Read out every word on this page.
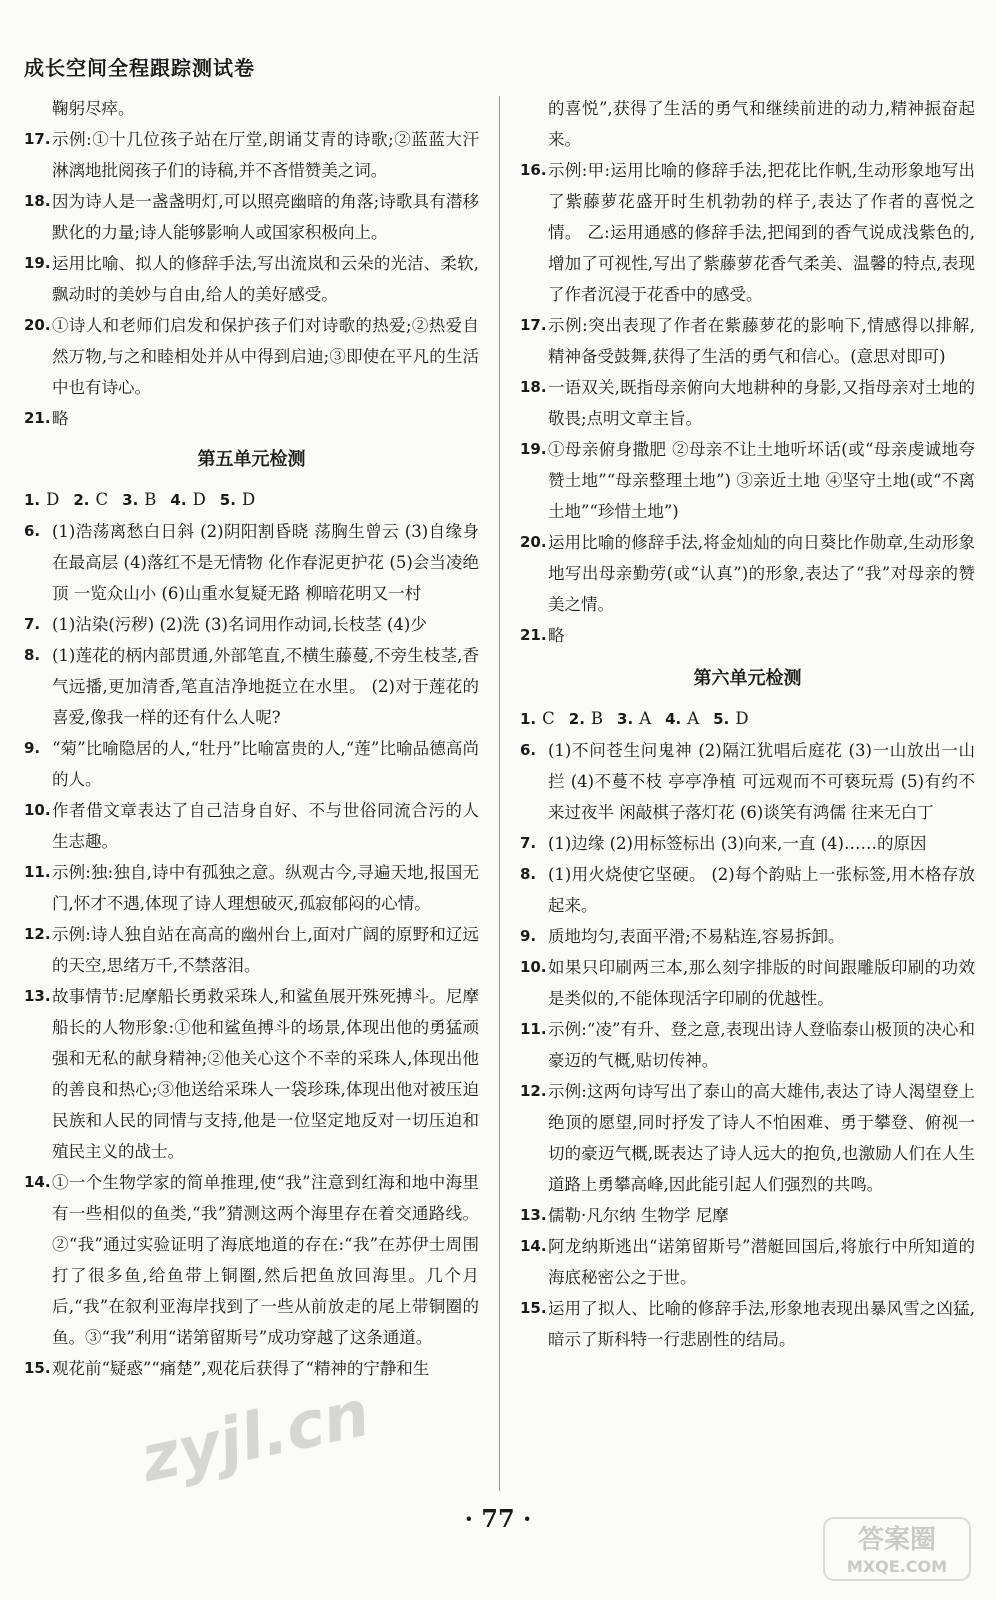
成长空间全程跟踪测试卷
鞠躬尽瘁。
17. 示例:①十几位孩子站在厅堂,朗诵艾青的诗歌;②蓝蓝大汗淋漓地批阅孩子们的诗稿,并不吝惜赞美之词。
18. 因为诗人是一盏盏明灯,可以照亮幽暗的角落;诗歌具有潜移默化的力量;诗人能够影响人或国家积极向上。
19. 运用比喻、拟人的修辞手法,写出流岚和云朵的光洁、柔软,飘动时的美妙与自由,给人的美好感受。
20. ①诗人和老师们启发和保护孩子们对诗歌的热爱;②热爱自然万物,与之和睦相处并从中得到启迪;③即使在平凡的生活中也有诗心。
21. 略
第五单元检测
1. D 2. C 3. B 4. D 5. D
6. (1)浩荡离愁白日斜 (2)阴阳割昏晓 荡胸生曾云 (3)自缘身在最高层 (4)落红不是无情物 化作春泥更护花 (5)会当凌绝顶 一览众山小 (6)山重水复疑无路 柳暗花明又一村
7. (1)沾染(污秽) (2)洗 (3)名词用作动词,长枝茎 (4)少
8. (1)莲花的柄内部贯通,外部笔直,不横生藤蔓,不旁生枝茎,香气远播,更加清香,笔直洁净地挺立在水里。 (2)对于莲花的喜爱,像我一样的还有什么人呢?
9. “菊”比喻隐居的人,“牡丹”比喻富贵的人,“莲”比喻品德高尚的人。
10. 作者借文章表达了自己洁身自好、不与世俗同流合污的人生志趣。
11. 示例:独:独自,诗中有孤独之意。纵观古今,寻遍天地,报国无门,怀才不遇,体现了诗人理想破灭,孤寂郁闷的心情。
12. 示例:诗人独自站在高高的幽州台上,面对广阔的原野和辽远的天空,思绪万千,不禁落泪。
13. 故事情节:尼摩船长勇救采珠人,和鲨鱼展开殊死搏斗。尼摩船长的人物形象:①他和鲨鱼搏斗的场景,体现出他的勇猛顽强和无私的献身精神;②他关心这个不幸的采珠人,体现出他的善良和热心;③他送给采珠人一袋珍珠,体现出他对被压迫民族和人民的同情与支持,他是一位坚定地反对一切压迫和殖民主义的战士。
14. ①一个生物学家的简单推理,使“我”注意到红海和地中海里有一些相似的鱼类,“我”猜测这两个海里存在着交通路线。②“我”通过实验证明了海底地道的存在:“我”在苏伊士周围打了很多鱼,给鱼带上铜圈,然后把鱼放回海里。几个月后,“我”在叙利亚海岸找到了一些从前放走的尾上带铜圈的鱼。③“我”利用“诺第留斯号”成功穿越了这条通道。
15. 观花前“疑惑”“痛楚”,观花后获得了“精神的宁静和生
的喜悦”,获得了生活的勇气和继续前进的动力,精神振奋起来。
16. 示例:甲:运用比喻的修辞手法,把花比作帆,生动形象地写出了紫藤萝花盛开时生机勃勃的样子,表达了作者的喜悦之情。 乙:运用通感的修辞手法,把闻到的香气说成浅紫色的,增加了可视性,写出了紫藤萝花香气柔美、温馨的特点,表现了作者沉浸于花香中的感受。
17. 示例:突出表现了作者在紫藤萝花的影响下,情感得以排解,精神备受鼓舞,获得了生活的勇气和信心。(意思对即可)
18. 一语双关,既指母亲俯向大地耕种的身影,又指母亲对土地的敬畏;点明文章主旨。
19. ①母亲俯身撒肥 ②母亲不让土地听坏话(或“母亲虔诚地夸赞土地”“母亲整理土地”) ③亲近土地 ④坚守土地(或“不离土地”“珍惜土地”)
20. 运用比喻的修辞手法,将金灿灿的向日葵比作勋章,生动形象地写出母亲勤劳(或“认真”)的形象,表达了“我”对母亲的赞美之情。
21. 略
第六单元检测
1. C 2. B 3. A 4. A 5. D
6. (1)不问苍生问鬼神 (2)隔江犹唱后庭花 (3)一山放出一山拦 (4)不蔓不枝 亭亭净植 可远观而不可亵玩焉 (5)有约不来过夜半 闲敲棋子落灯花 (6)谈笑有鸿儒 往来无白丁
7. (1)边缘 (2)用标签标出 (3)向来,一直 (4)……的原因
8. (1)用火烧使它坚硬。 (2)每个韵贴上一张标签,用木格存放起来。
9. 质地均匀,表面平滑;不易粘连,容易拆卸。
10. 如果只印刷两三本,那么刻字排版的时间跟雕版印刷的功效是类似的,不能体现活字印刷的优越性。
11. 示例:“凌”有升、登之意,表现出诗人登临泰山极顶的决心和豪迈的气概,贴切传神。
12. 示例:这两句诗写出了泰山的高大雄伟,表达了诗人渴望登上绝顶的愿望,同时抒发了诗人不怕困难、勇于攀登、俯视一切的豪迈气概,既表达了诗人远大的抱负,也激励人们在人生道路上勇攀高峰,因此能引起人们强烈的共鸣。
13. 儒勒·凡尔纳 生物学 尼摩
14. 阿龙纳斯逃出“诺第留斯号”潜艇回国后,将旅行中所知道的海底秘密公之于世。
15. 运用了拟人、比喻的修辞手法,形象地表现出暴风雪之凶猛,暗示了斯科特一行悲剧性的结局。
· 77 ·
zyjl.cn
答案圈
MXQE.COM
